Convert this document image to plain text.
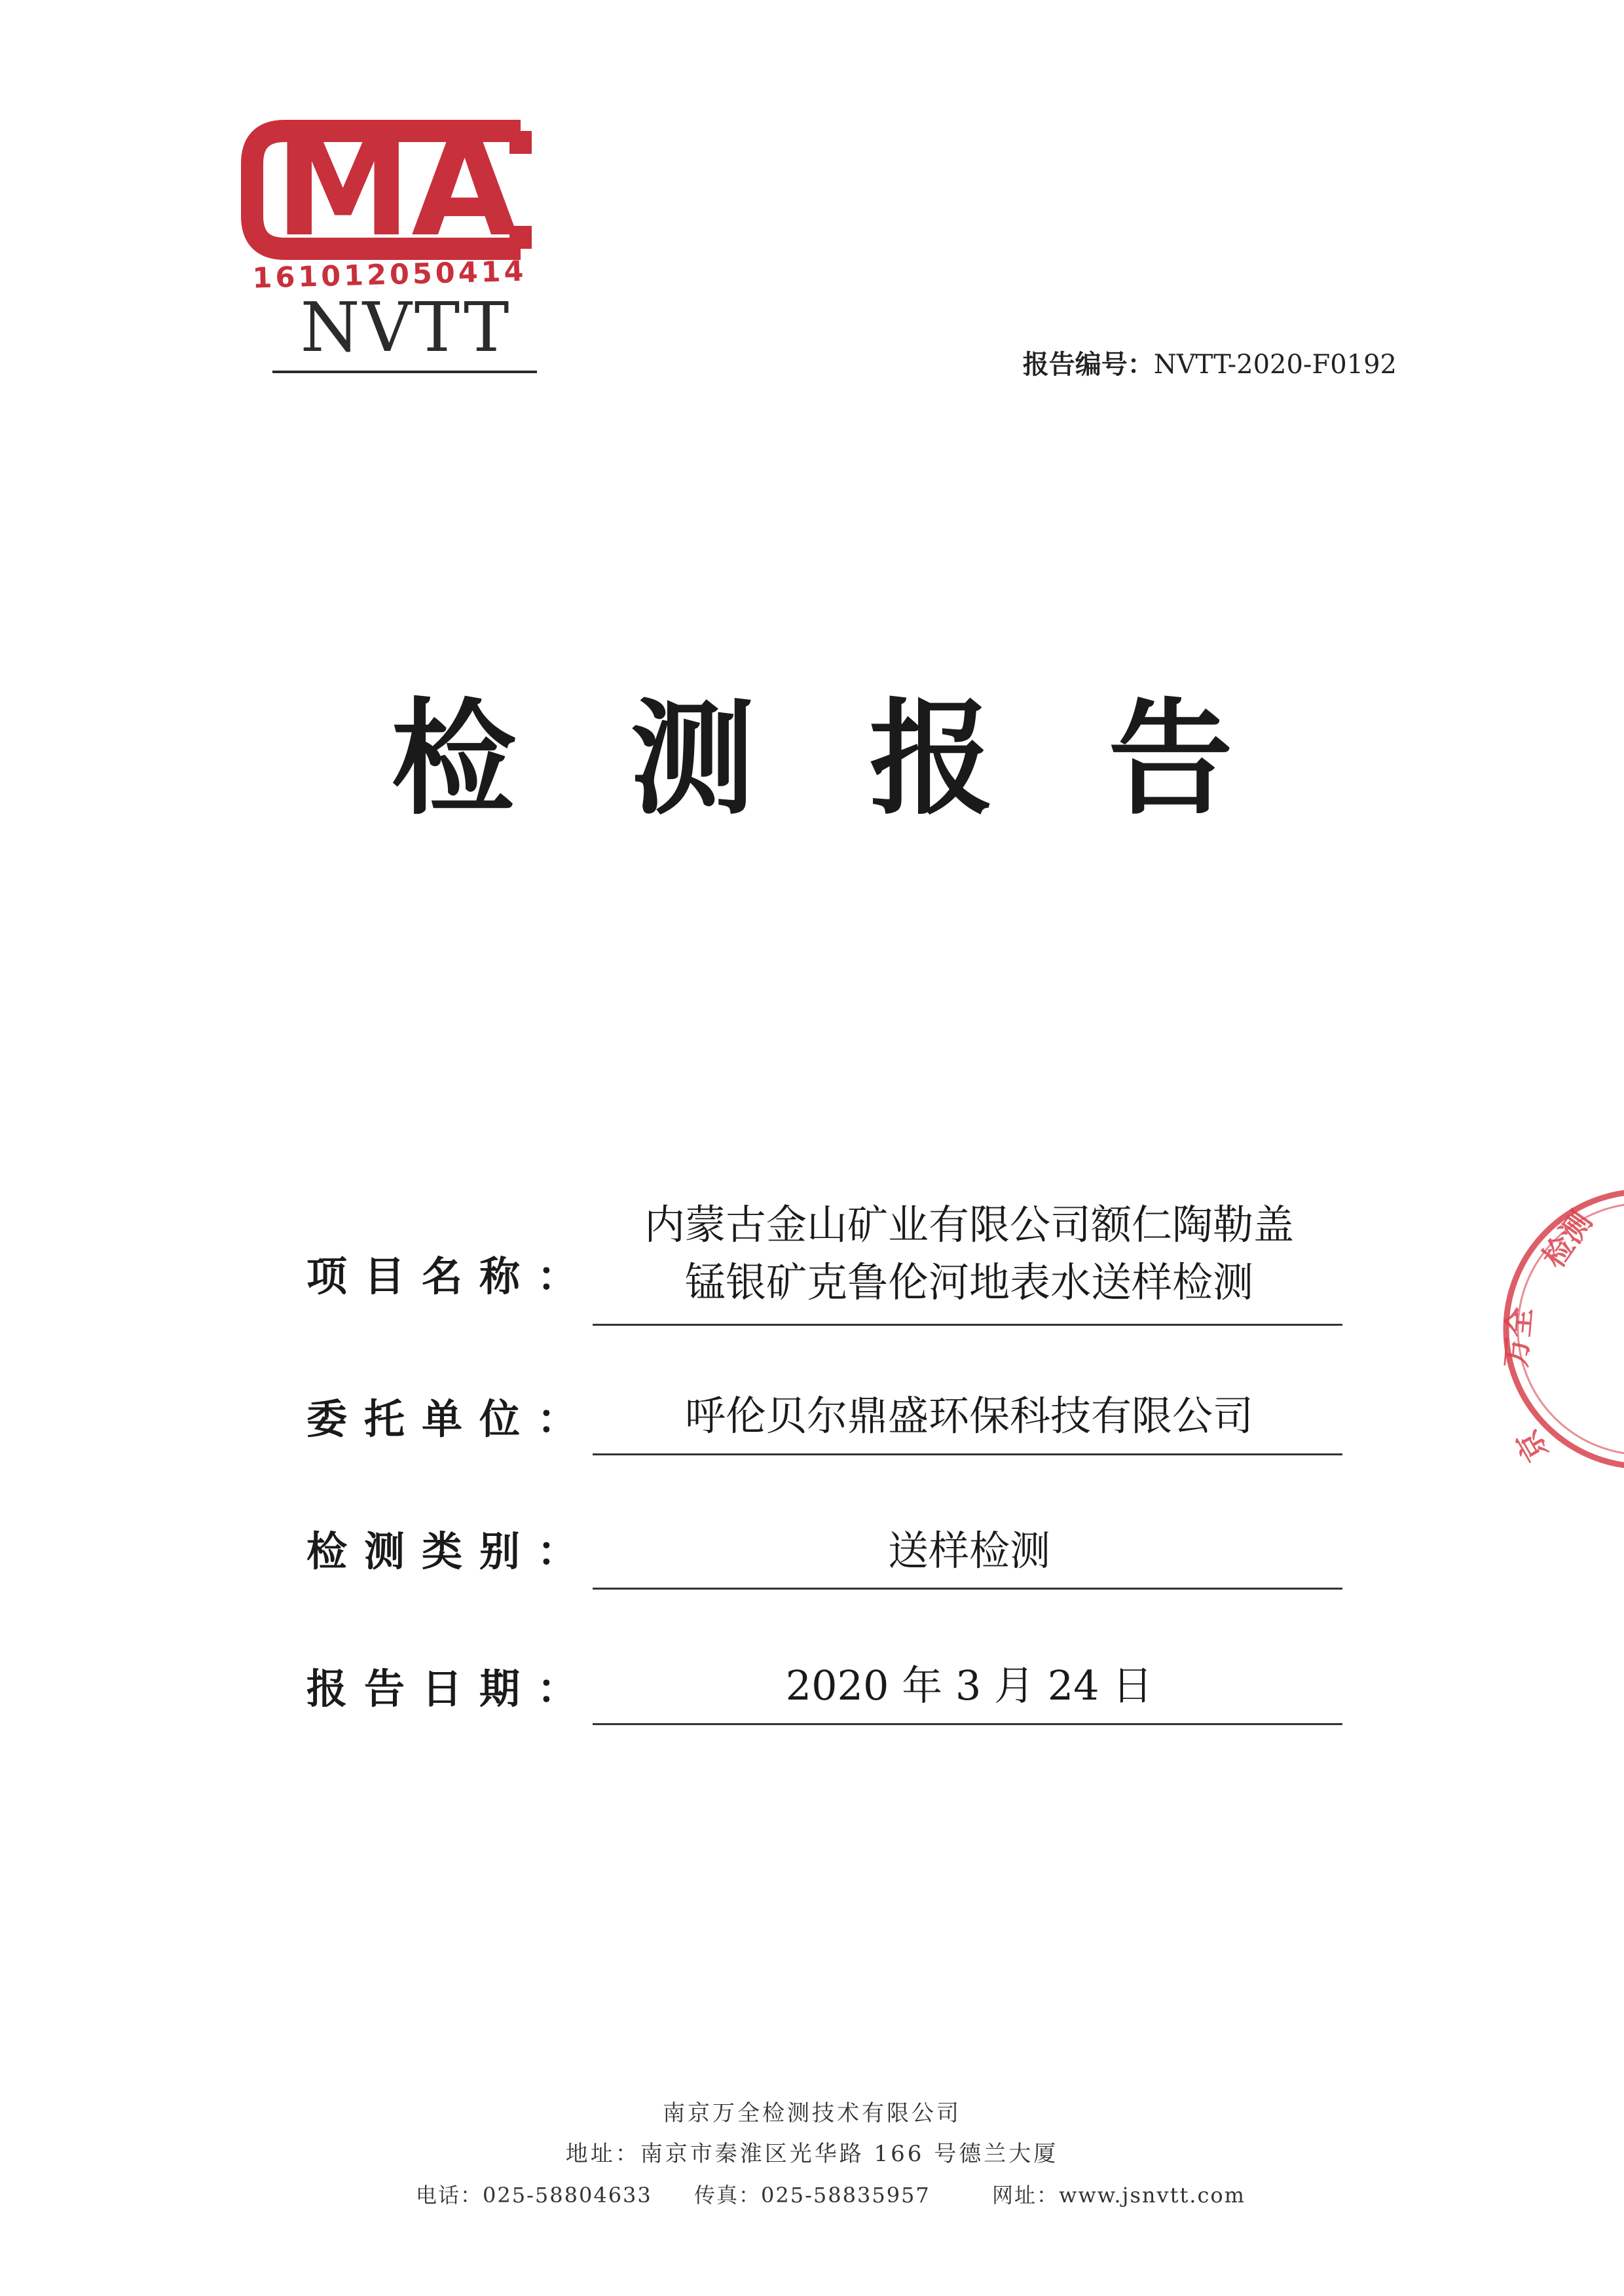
MA
161012050414
NVTT	报告编号：NVTT-2020-F0192
检测报告
项目名称：
内蒙古金山矿业有限公司额仁陶勒盖
锰银矿克鲁伦河地表水送样检测
委托单位：	呼伦贝尔鼎盛环保科技有限公司
检测类别：	送样检测
报告日期：	2020 年 3 月 24 日
检测
万全
京
南京万全检测技术有限公司
地址：南京市秦淮区光华路 166 号德兰大厦
电话：025-58804633 传真：025-58835957	网址：www.jsnvtt.com
